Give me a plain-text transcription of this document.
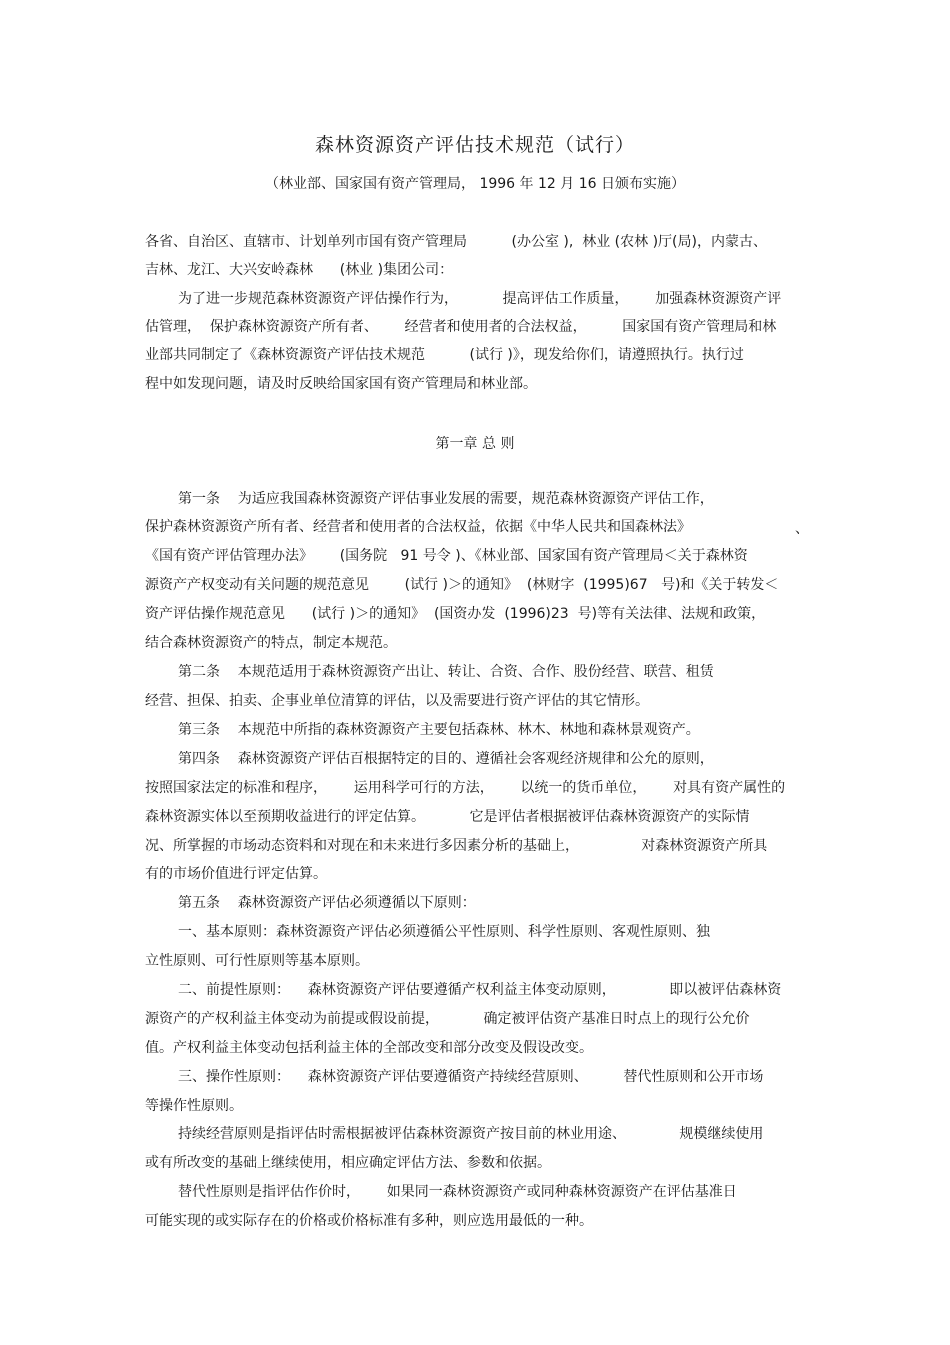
森林资源资产评估技术规范（试行）
（林业部、国家国有资产管理局， 1996 年 12 月 16 日颁布实施）
各省、自治区、直辖市、计划单列市国有资产管理局          (办公室 ),  林业 (农林 )厅(局)，内蒙古、
吉林、龙江、大兴安岭森林      (林业 )集团公司：
为了进一步规范森林资源资产评估操作行为，          提高评估工作质量，      加强森林资源资产评
估管理，  保护森林资源资产所有者、      经营者和使用者的合法权益，        国家国有资产管理局和林
业部共同制定了《森林资源资产评估技术规范          (试行 )》，现发给你们，请遵照执行。执行过
程中如发现问题，请及时反映给国家国有资产管理局和林业部。
第一章 总 则
第一条    为适应我国森林资源资产评估事业发展的需要，规范森林资源资产评估工作，
保护森林资源资产所有者、经营者和使用者的合法权益，依据《中华人民共和国森林法》	、
《国有资产评估管理办法》      (国务院   91 号令 )、《林业部、国家国有资产管理局＜关于森林资
源资产产权变动有关问题的规范意见        (试行 )＞的通知》  (林财字  (1995)67   号)和《关于转发＜
资产评估操作规范意见      (试行 )＞的通知》  (国资办发  (1996)23  号)等有关法律、法规和政策，
结合森林资源资产的特点，制定本规范。
第二条    本规范适用于森林资源资产出让、转让、合资、合作、股份经营、联营、租赁
经营、担保、拍卖、企事业单位清算的评估，以及需要进行资产评估的其它情形。
第三条    本规范中所指的森林资源资产主要包括森林、林木、林地和森林景观资产。
第四条    森林资源资产评估百根据特定的目的、遵循社会客观经济规律和公允的原则，
按照国家法定的标准和程序，      运用科学可行的方法，      以统一的货币单位，      对具有资产属性的
森林资源实体以至预期收益进行的评定估算。          它是评估者根据被评估森林资源资产的实际情
况、所掌握的市场动态资料和对现在和未来进行多因素分析的基础上，              对森林资源资产所具
有的市场价值进行评定估算。
第五条    森林资源资产评估必须遵循以下原则：
一、基本原则：森林资源资产评估必须遵循公平性原则、科学性原则、客观性原则、独
立性原则、可行性原则等基本原则。
二、前提性原则：    森林资源资产评估要遵循产权利益主体变动原则，            即以被评估森林资
源资产的产权利益主体变动为前提或假设前提，          确定被评估资产基准日时点上的现行公允价
值。产权利益主体变动包括利益主体的全部改变和部分改变及假设改变。
三、操作性原则：    森林资源资产评估要遵循资产持续经营原则、        替代性原则和公开市场
等操作性原则。
持续经营原则是指评估时需根据被评估森林资源资产按目前的林业用途、            规模继续使用
或有所改变的基础上继续使用，相应确定评估方法、参数和依据。
替代性原则是指评估作价时，      如果同一森林资源资产或同种森林资源资产在评估基准日
可能实现的或实际存在的价格或价格标准有多种，则应选用最低的一种。
